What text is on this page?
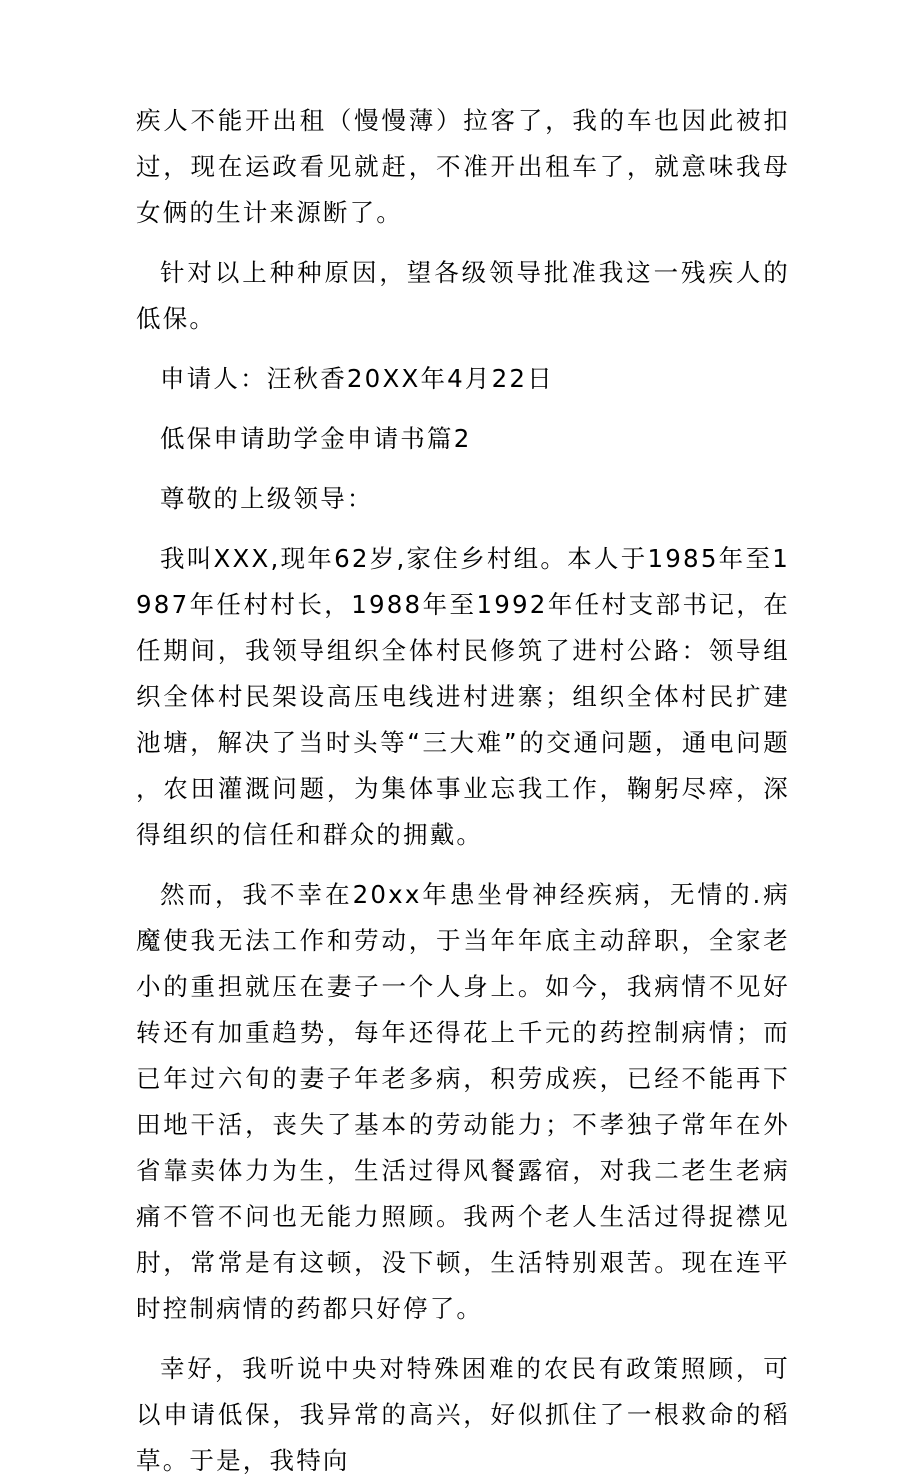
疾人不能开出租（慢慢薄）拉客了，我的车也因此被扣过，现在运政看见就赶，不准开出租车了，就意味我母女俩的生计来源断了。

针对以上种种原因，望各级领导批准我这一残疾人的低保。

申请人：汪秋香20XX年4月22日

低保申请助学金申请书篇2

尊敬的上级领导：

我叫XXX,现年62岁,家住乡村组。本人于1985年至1987年任村村长，1988年至1992年任村支部书记，在任期间，我领导组织全体村民修筑了进村公路：领导组织全体村民架设高压电线进村进寨；组织全体村民扩建池塘，解决了当时头等“三大难”的交通问题，通电问题，农田灌溉问题，为集体事业忘我工作，鞠躬尽瘁，深得组织的信任和群众的拥戴。

然而，我不幸在20xx年患坐骨神经疾病，无情的.病魔使我无法工作和劳动，于当年年底主动辞职，全家老小的重担就压在妻子一个人身上。如今，我病情不见好转还有加重趋势，每年还得花上千元的药控制病情；而已年过六旬的妻子年老多病，积劳成疾，已经不能再下田地干活，丧失了基本的劳动能力；不孝独子常年在外省靠卖体力为生，生活过得风餐露宿，对我二老生老病痛不管不问也无能力照顾。我两个老人生活过得捉襟见肘，常常是有这顿，没下顿，生活特别艰苦。现在连平时控制病情的药都只好停了。

幸好，我听说中央对特殊困难的农民有政策照顾，可以申请低保，我异常的高兴，好似抓住了一根救命的稻草。于是，我特向
